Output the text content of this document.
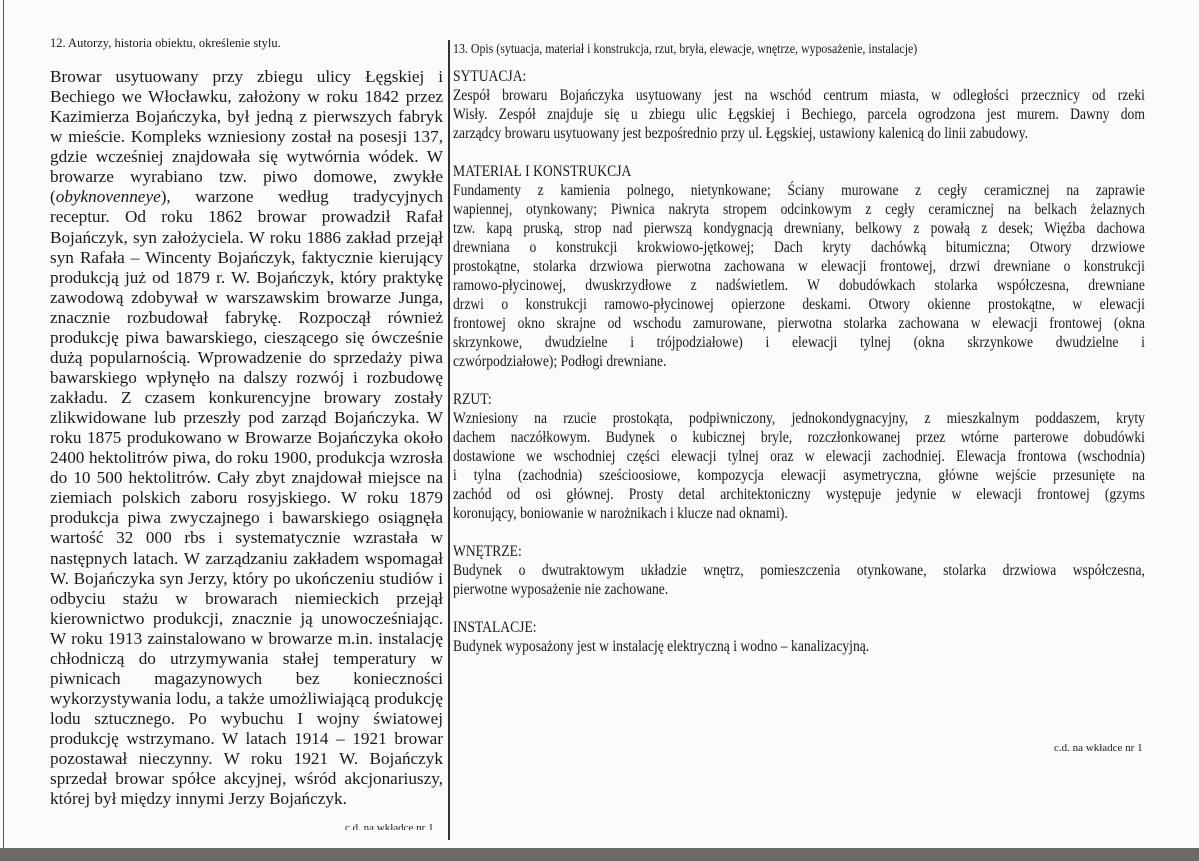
12. Autorzy, historia obiektu, określenie stylu.
Browar usytuowany przy zbiegu ulicy Łęgskiej i
Bechiego we Włocławku, założony w roku 1842 przez
Kazimierza Bojańczyka, był jedną z pierwszych fabryk
w mieście. Kompleks wzniesiony został na posesji 137,
gdzie wcześniej znajdowała się wytwórnia wódek. W
browarze wyrabiano tzw. piwo domowe, zwykłe
(obyknovenneye), warzone według tradycyjnych
receptur. Od roku 1862 browar prowadził Rafał
Bojańczyk, syn założyciela. W roku 1886 zakład przejął
syn Rafała – Wincenty Bojańczyk, faktycznie kierujący
produkcją już od 1879 r. W. Bojańczyk, który praktykę
zawodową zdobywał w warszawskim browarze Junga,
znacznie rozbudował fabrykę. Rozpoczął również
produkcję piwa bawarskiego, cieszącego się ówcześnie
dużą popularnością. Wprowadzenie do sprzedaży piwa
bawarskiego wpłynęło na dalszy rozwój i rozbudowę
zakładu. Z czasem konkurencyjne browary zostały
zlikwidowane lub przeszły pod zarząd Bojańczyka. W
roku 1875 produkowano w Browarze Bojańczyka około
2400 hektolitrów piwa, do roku 1900, produkcja wzrosła
do 10 500 hektolitrów. Cały zbyt znajdował miejsce na
ziemiach polskich zaboru rosyjskiego. W roku 1879
produkcja piwa zwyczajnego i bawarskiego osiągnęła
wartość 32 000 rbs i systematycznie wzrastała w
następnych latach. W zarządzaniu zakładem wspomagał
W. Bojańczyka syn Jerzy, który po ukończeniu studiów i
odbyciu stażu w browarach niemieckich przejął
kierownictwo produkcji, znacznie ją unowocześniając.
W roku 1913 zainstalowano w browarze m.in. instalację
chłodniczą do utrzymywania stałej temperatury w
piwnicach magazynowych bez konieczności
wykorzystywania lodu, a także umożliwiającą produkcję
lodu sztucznego. Po wybuchu I wojny światowej
produkcję wstrzymano. W latach 1914 – 1921 browar
pozostawał nieczynny. W roku 1921 W. Bojańczyk
sprzedał browar spółce akcyjnej, wśród akcjonariuszy,
której był między innymi Jerzy Bojańczyk.
c.d. na wkładce nr 1
13. Opis (sytuacja, materiał i konstrukcja, rzut, bryła, elewacje, wnętrze, wyposażenie, instalacje)
SYTUACJA:
Zespół browaru Bojańczyka usytuowany jest na wschód centrum miasta, w odległości przecznicy od rzeki
Wisły. Zespół znajduje się u zbiegu ulic Łęgskiej i Bechiego, parcela ogrodzona jest murem. Dawny dom
zarządcy browaru usytuowany jest bezpośrednio przy ul. Łęgskiej, ustawiony kalenicą do linii zabudowy.
MATERIAŁ I KONSTRUKCJA
Fundamenty z kamienia polnego, nietynkowane; Ściany murowane z cegły ceramicznej na zaprawie
wapiennej, otynkowany; Piwnica nakryta stropem odcinkowym z cegły ceramicznej na belkach żelaznych
tzw. kapą pruską, strop nad pierwszą kondygnacją drewniany, belkowy z powałą z desek; Więźba dachowa
drewniana o konstrukcji krokwiowo-jętkowej; Dach kryty dachówką bitumiczna; Otwory drzwiowe
prostokątne, stolarka drzwiowa pierwotna zachowana w elewacji frontowej, drzwi drewniane o konstrukcji
ramowo-płycinowej, dwuskrzydłowe z nadświetlem. W dobudówkach stolarka współczesna, drewniane
drzwi o konstrukcji ramowo-płycinowej opierzone deskami. Otwory okienne prostokątne, w elewacji
frontowej okno skrajne od wschodu zamurowane, pierwotna stolarka zachowana w elewacji frontowej (okna
skrzynkowe, dwudzielne i trójpodziałowe) i elewacji tylnej (okna skrzynkowe dwudzielne i
czwórpodziałowe); Podłogi drewniane.
RZUT:
Wzniesiony na rzucie prostokąta, podpiwniczony, jednokondygnacyjny, z mieszkalnym poddaszem, kryty
dachem naczółkowym. Budynek o kubicznej bryle, rozczłonkowanej przez wtórne parterowe dobudówki
dostawione we wschodniej części elewacji tylnej oraz w elewacji zachodniej. Elewacja frontowa (wschodnia)
i tylna (zachodnia) sześcioosiowe, kompozycja elewacji asymetryczna, główne wejście przesunięte na
zachód od osi głównej. Prosty detal architektoniczny występuje jedynie w elewacji frontowej (gzyms
koronujący, boniowanie w narożnikach i klucze nad oknami).
WNĘTRZE:
Budynek o dwutraktowym układzie wnętrz, pomieszczenia otynkowane, stolarka drzwiowa współczesna,
pierwotne wyposażenie nie zachowane.
INSTALACJE:
Budynek wyposażony jest w instalację elektryczną i wodno – kanalizacyjną.
c.d. na wkładce nr 1
